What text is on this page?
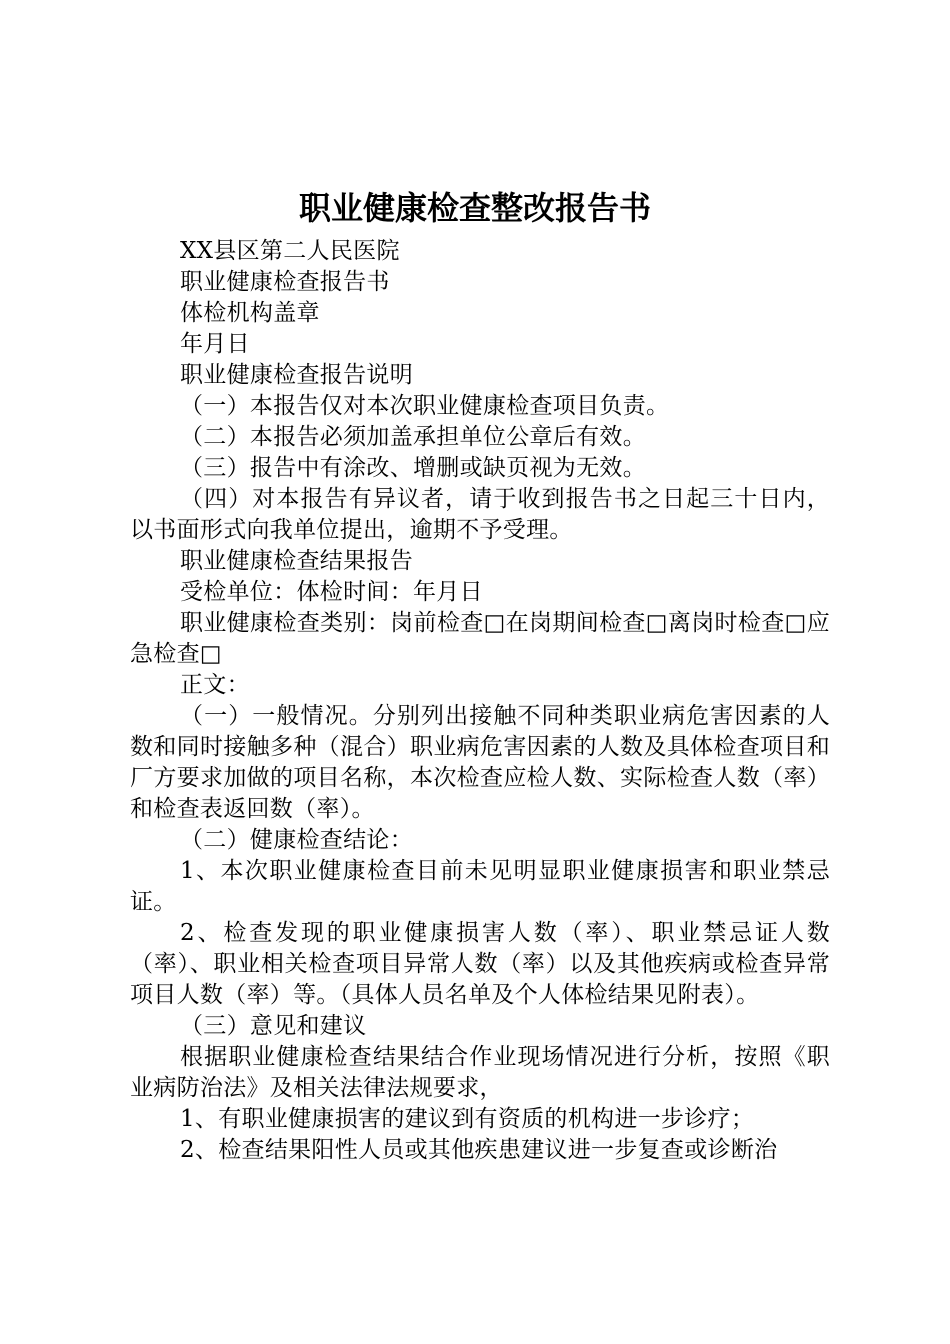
职业健康检查整改报告书

XX县区第二人民医院

职业健康检查报告书

体检机构盖章

年月日

职业健康检查报告说明

（一）本报告仅对本次职业健康检查项目负责。

（二）本报告必须加盖承担单位公章后有效。

（三）报告中有涂改、增删或缺页视为无效。

（四）对本报告有异议者，请于收到报告书之日起三十日内，以书面形式向我单位提出，逾期不予受理。

职业健康检查结果报告

受检单位：体检时间：年月日

职业健康检查类别：岗前检查□在岗期间检查□离岗时检查□应急检查□

正文：

（一）一般情况。分别列出接触不同种类职业病危害因素的人数和同时接触多种（混合）职业病危害因素的人数及具体检查项目和厂方要求加做的项目名称，本次检查应检人数、实际检查人数（率）和检查表返回数（率）。

（二）健康检查结论：

1、本次职业健康检查目前未见明显职业健康损害和职业禁忌证。

2、检查发现的职业健康损害人数（率）、职业禁忌证人数（率）、职业相关检查项目异常人数（率）以及其他疾病或检查异常项目人数（率）等。（具体人员名单及个人体检结果见附表）。

（三）意见和建议

根据职业健康检查结果结合作业现场情况进行分析，按照《职业病防治法》及相关法律法规要求，

1、有职业健康损害的建议到有资质的机构进一步诊疗；

2、检查结果阳性人员或其他疾患建议进一步复查或诊断治
